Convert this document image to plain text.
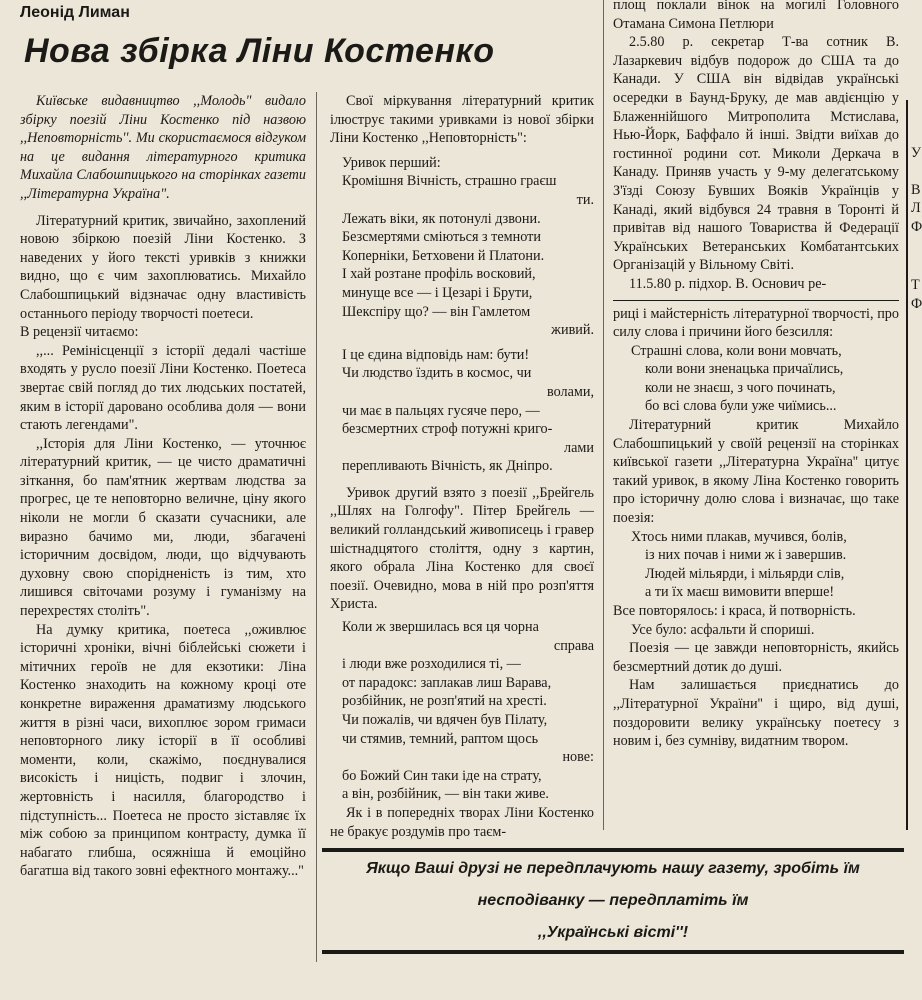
Леонід Лиман
Нова збірка Ліни Костенко

Київське видавництво ,,Молодь" видало збірку поезій Ліни Костенко під назвою ,,Неповторність''. Ми скористаємося відгуком на це видання літературного критика Михайла Слабошпицького на сторінках газети ,,Літературна Україна".

Літературний критик, звичайно, захоплений новою збіркою поезій Ліни Костенко. З наведених у його тексті уривків з книжки видно, що є чим захоплюватись. Михайло Слабошпицький відзначає одну властивість останнього періоду творчості поетеси.

В рецензії читаємо:

,,... Ремінісценції з історії дедалі частіше входять у русло поезії Ліни Костенко. Поетеса звертає свій погляд до тих людських постатей, яким в історії даровано особлива доля — вони стають легендами".

,,Історія для Ліни Костенко, — уточнює літературний критик, — це чисто драматичні зіткання, бо пам'ятник жертвам людства за прогрес, це те неповторно величне, ціну якого ніколи не могли б сказати сучасники, але виразно бачимо ми, люди, збагачені історичним досвідом, люди, що відчувають духовну свою спорідненість із тим, хто лишився світочами розуму і гуманізму на перехрестях століть".

На думку критика, поетеса ,,оживлює історичні хроніки, вічні біблейські сюжети і мітичних героїв не для екзотики: Ліна Костенко знаходить на кожному кроці оте конкретне вираження драматизму людського життя в різні часи, вихоплює зором гримаси неповторного лику історії в її особливі моменти, коли, скажімо, поєднувалися високість і ницість, подвиг і злочин, жертовність і насилля, благородство і підступність... Поетеса не просто зіставляє їх між собою за принципом контрасту, думка її набагато глибша, осяжніша й емоційно багатша від такого зовні ефектного монтажу..."

Свої міркування літературний критик ілюструє такими уривками із нової збірки Ліни Костенко ,,Неповторність":

Уривок перший:
Кромішня Вічність, страшно граєш
ти.
Лежать віки, як потонулі дзвони.
Безсмертями сміються з темноти
Коперніки, Бетховени й Платони.
І хай розтане профіль восковий,
минуще все — і Цезарі і Брути,
Шекспіру що? — він Гамлетом
живий.
І це єдина відповідь нам: бути!
Чи людство їздить в космос, чи
волами,
чи має в пальцях гусяче перо, —
безсмертних строф потужні криго-
лами
перепливають Вічність, як Дніпро.

Уривок другий взято з поезії ,,Брейгель ,,Шлях на Голгофу". Пітер Брейгель — великий голландський живописець і гравер шістнадцятого століття, одну з картин, якого обрала Ліна Костенко для своєї поезії. Очевидно, мова в ній про розп'яття Христа.

Коли ж звершилась вся ця чорна
справа
і люди вже розходилися ті, —
от парадокс: заплакав лиш Варава,
розбійник, не розп'ятий на хресті.
Чи пожалів, чи вдячен був Пілату,
чи стямив, темний, раптом щось
нове:
бо Божий Син таки іде на страту,
а він, розбійник, — він таки живе.

Як і в попередніх творах Ліни Костенко не бракує роздумів про таєм-

площ поклали вінок на могилі Головного Отамана Симона Петлюри

2.5.80 р. секретар Т-ва сотник В. Лазаркевич відбув подорож до США та до Канади. У США він відвідав українські осередки в Баунд-Бруку, де мав авдієнцію у Блаженнійшого Митрополита Мстислава, Нью-Йорк, Баффало й інші. Звідти виїхав до гостинної родини сот. Миколи Деркача в Канаду. Приняв участь у 9-му делегатському З'їзді Союзу Бувших Вояків Українців у Канаді, який відбувся 24 травня в Торонті й привітав від нашого Товариства й Федерації Українських Ветеранських Комбатантських Організацій у Вільному Світі.

11.5.80 р. підхор. В. Основич ре-

риці і майстерність літературної творчості, про силу слова і причини його безсилля:

Страшні слова, коли вони мовчать,
коли вони зненацька причаїлись,
коли не знаєш, з чого починать,
бо всі слова були уже чиїмись...

Літературний критик Михайло Слабошпицький у своїй рецензії на сторінках київської газети ,,Літературна Україна'' цитує такий уривок, в якому Ліна Костенко говорить про історичну долю слова і визначає, що таке поезія:

Хтось ними плакав, мучився, болів,
із них почав і ними ж і завершив.
Людей мільярди, і мільярди слів,
а ти їх маєш вимовити вперше!

Все повторялось: і краса, й потворність.

Усе було: асфальти й спориші.

Поезія — це завжди неповторність, якийсь безсмертний дотик до душі.

Нам залишається приєднатись до ,,Літературної України'' і щиро, від душі, поздоровити велику українську поетесу з новим і, без сумніву, видатним твором.

У
В
Л
Ф
Т
Ф
Якщо Ваші друзі не передплачують нашу газету, зробіть їм
несподіванку — передплатіть їм
,,Українські вісті''!
